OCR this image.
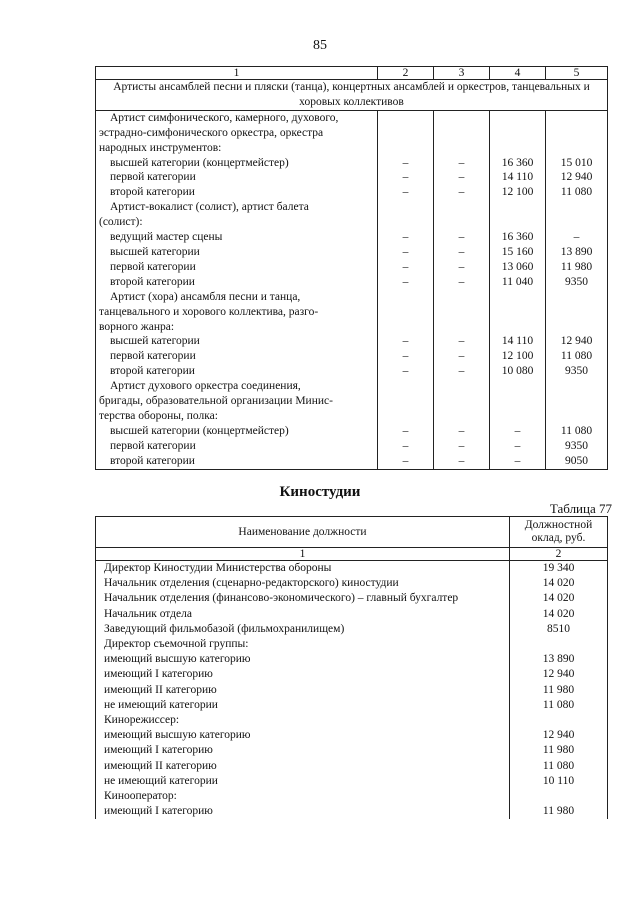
85
1	2	3	4	5
Артисты ансамблей песни и пляски (танца), концертных ансамблей и оркестров, танцевальных и хоровых коллективов				
Артист симфонического, камерного, духового,				
эстрадно-симфонического оркестра, оркестра				
народных инструментов:				
высшей категории (концертмейстер)	–	–	16 360	15 010
первой категории	–	–	14 110	12 940
второй категории	–	–	12 100	11 080
Артист-вокалист (солист), артист балета				
(солист):				
ведущий мастер сцены	–	–	16 360	–
высшей категории	–	–	15 160	13 890
первой категории	–	–	13 060	11 980
второй категории	–	–	11 040	9350
Артист (хора) ансамбля песни и танца,				
танцевального и хорового коллектива, разго-				
ворного жанра:				
высшей категории	–	–	14 110	12 940
первой категории	–	–	12 100	11 080
второй категории	–	–	10 080	9350
Артист духового оркестра соединения,				
бригады, образовательной организации Минис-				
терства обороны, полка:				
высшей категории (концертмейстер)	–	–	–	11 080
первой категории	–	–	–	9350
второй категории	–	–	–	9050
Киностудии
Таблица 77
Наименование должности	Должностной
оклад, руб.

1	2
Директор Киностудии Министерства обороны	19 340
Начальник отделения (сценарно-редакторского) киностудии	14 020
Начальник отделения (финансово-экономического) – главный бухгалтер	14 020
Начальник отдела	14 020
Заведующий фильмобазой (фильмохранилищем)	8510
Директор съемочной группы:	
имеющий высшую категорию	13 890
имеющий I категорию	12 940
имеющий II категорию	11 980
не имеющий категории	11 080
Кинорежиссер:	
имеющий высшую категорию	12 940
имеющий I категорию	11 980
имеющий II категорию	11 080
не имеющий категории	10 110
Кинооператор:	
имеющий I категорию	11 980
